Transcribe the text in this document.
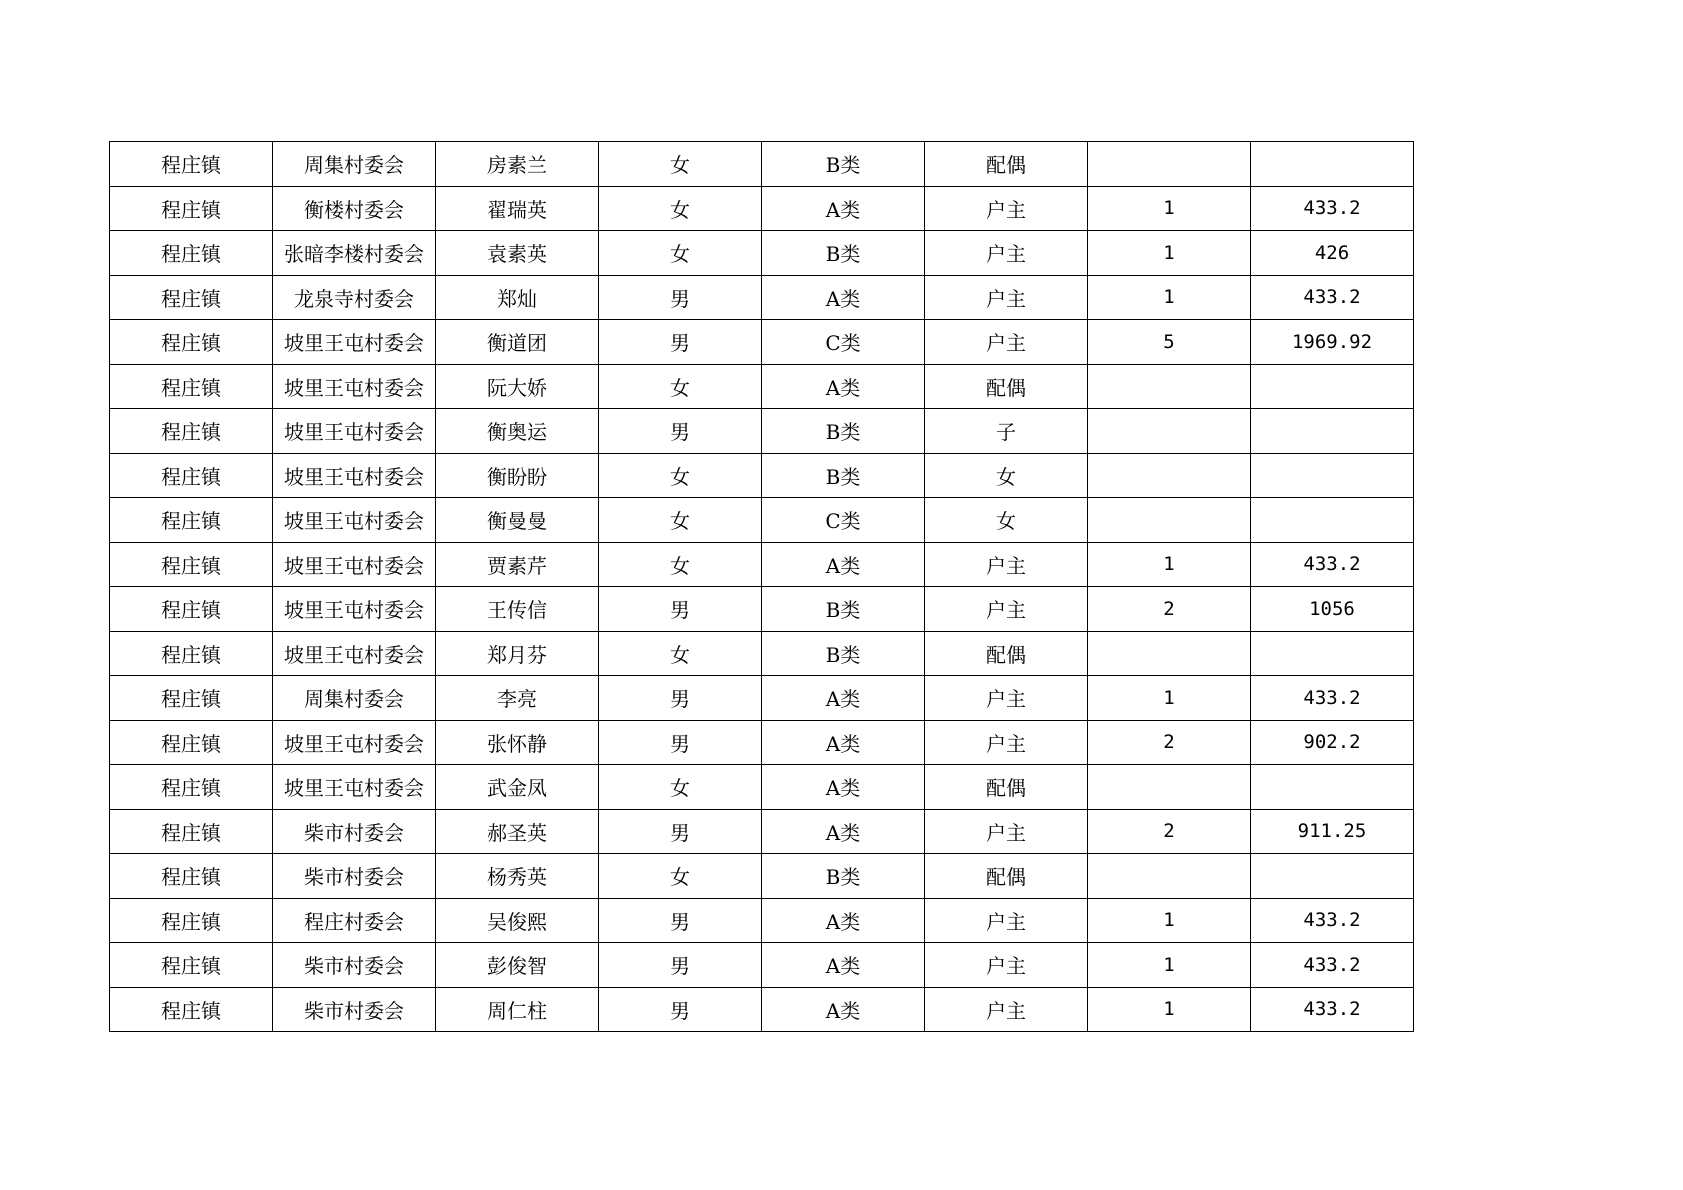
程庄镇	周集村委会	房素兰	女	B类	配偶		
程庄镇	衡楼村委会	翟瑞英	女	A类	户主	1	433.2
程庄镇	张暗李楼村委会	袁素英	女	B类	户主	1	426
程庄镇	龙泉寺村委会	郑灿	男	A类	户主	1	433.2
程庄镇	坡里王屯村委会	衡道团	男	C类	户主	5	1969.92
程庄镇	坡里王屯村委会	阮大娇	女	A类	配偶		
程庄镇	坡里王屯村委会	衡奥运	男	B类	子		
程庄镇	坡里王屯村委会	衡盼盼	女	B类	女		
程庄镇	坡里王屯村委会	衡曼曼	女	C类	女		
程庄镇	坡里王屯村委会	贾素芹	女	A类	户主	1	433.2
程庄镇	坡里王屯村委会	王传信	男	B类	户主	2	1056
程庄镇	坡里王屯村委会	郑月芬	女	B类	配偶		
程庄镇	周集村委会	李亮	男	A类	户主	1	433.2
程庄镇	坡里王屯村委会	张怀静	男	A类	户主	2	902.2
程庄镇	坡里王屯村委会	武金凤	女	A类	配偶		
程庄镇	柴市村委会	郝圣英	男	A类	户主	2	911.25
程庄镇	柴市村委会	杨秀英	女	B类	配偶		
程庄镇	程庄村委会	吴俊熙	男	A类	户主	1	433.2
程庄镇	柴市村委会	彭俊智	男	A类	户主	1	433.2
程庄镇	柴市村委会	周仁柱	男	A类	户主	1	433.2
